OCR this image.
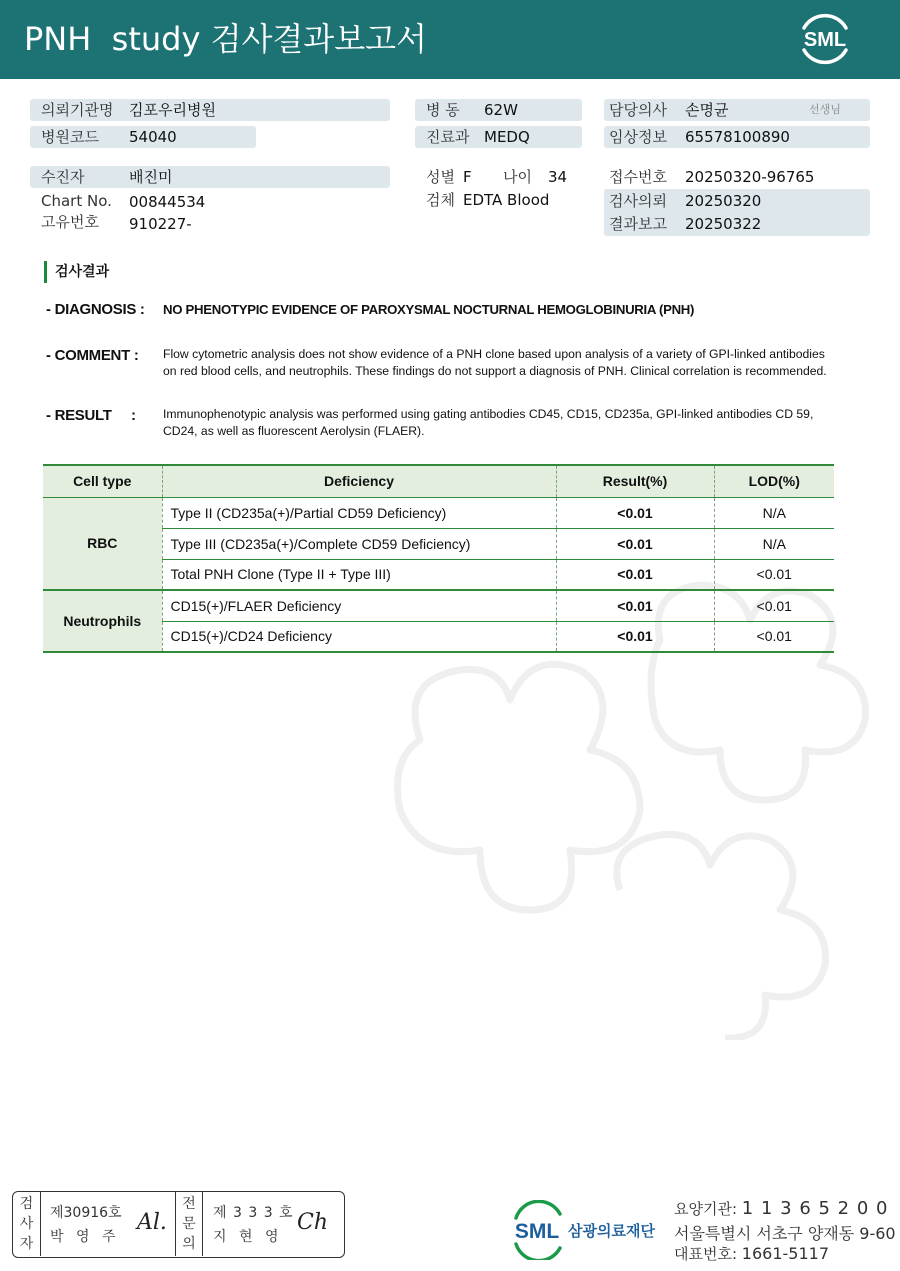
PNH  study 검사결과보고서	SML
의뢰기관명 김포우리병원
병원코드 54040
수진자	배진미
Chart No. 00844534
고유번호 910227-
병 동 62W
진료과 MEDQ
성별 F 나이 34
검체 EDTA Blood
담당의사 손명균	선생님
임상정보 65578100890
접수번호 20250320-96765
검사의뢰 20250320
결과보고 20250322
검사결과
- DIAGNOSIS : NO PHENOTYPIC EVIDENCE OF PAROXYSMAL NOCTURNAL HEMOGLOBINURIA (PNH)
- COMMENT : Flow cytometric analysis does not show evidence of a PNH clone based upon analysis of a variety of GPI-linked antibodies on red blood cells, and neutrophils. These findings do not support a diagnosis of PNH. Clinical correlation is recommended.
- RESULT     : Immunophenotypic analysis was performed using gating antibodies CD45, CD15, CD235a, GPI-linked antibodies CD 59, CD24, as well as fluorescent Aerolysin (FLAER).
Cell type	Deficiency	Result(%)	LOD(%)
RBC	Type II (CD235a(+)/Partial CD59 Deficiency)	<0.01	N/A
	Type III (CD235a(+)/Complete CD59 Deficiency)	<0.01	N/A
	Total PNH Clone (Type II + Type III)	<0.01	<0.01
Neutrophils	CD15(+)/FLAER Deficiency	<0.01	<0.01
	CD15(+)/CD24 Deficiency	<0.01	<0.01
검
사
자
제30916호
박 영 주
Al.
전
문
의
제 3 3 3 호
지 현 영
Ch	SML 삼광의료재단
요양기관: 1 1 3 6 5 2 0 0
서울특별시 서초구 양재동 9-60
대표번호: 1661-5117
